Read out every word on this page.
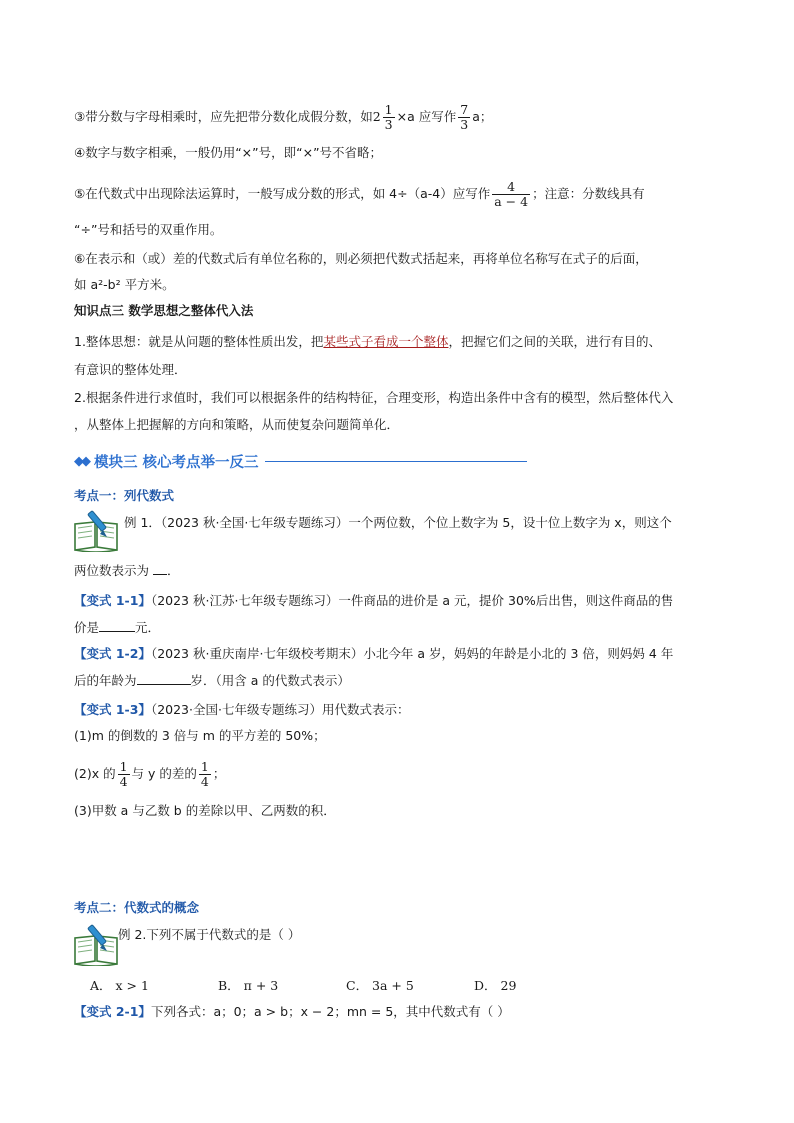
③带分数与字母相乘时，应先把带分数化成假分数，如$2 \frac{1}{3} \times a$ 应写作 $\frac{7}{3}$ a；
④数字与数字相乘，一般仍用“×”号，即“×”号不省略；
⑤在代数式中出现除法运算时，一般写成分数的形式，如 4÷（a-4）应写作 $\frac{4}{a - 4}$ ；注意：分数线具有
“÷”号和括号的双重作用。
⑥在表示和（或）差的代数式后有单位名称的，则必须把代数式括起来，再将单位名称写在式子的后面，
如 a²-b² 平方米。
知识点三 数学思想之整体代入法
1.整体思想：就是从问题的整体性质出发，把某些式子看成一个整体，把握它们之间的关联，进行有目的、
有意识的整体处理．
2.根据条件进行求值时，我们可以根据条件的结构特征，合理变形，构造出条件中含有的模型，然后整体代入
，从整体上把握解的方向和策略，从而使复杂问题简单化．
◆◆ 模块三 核心考点举一反三
考点一：列代数式
例 1．（2023 秋·全国·七年级专题练习）一个两位数，个位上数字为 5，设十位上数字为 x，则这个
两位数表示为 ．
【变式 1-1】（2023 秋·江苏·七年级专题练习）一件商品的进价是 a 元，提价 30%后出售，则这件商品的售
价是	元．
【变式 1-2】（2023 秋·重庆南岸·七年级校考期末）小北今年 a 岁，妈妈的年龄是小北的 3 倍，则妈妈 4 年
后的年龄为	岁．（用含 a 的代数式表示）
【变式 1-3】（2023·全国·七年级专题练习）用代数式表示：
(1)m 的倒数的 3 倍与 m 的平方差的 50%；
(2)x 的 $\frac{1}{4}$ 与 y 的差的 $\frac{1}{4}$ ；
(3)甲数 a 与乙数 b 的差除以甲、乙两数的积．
考点二：代数式的概念
例 2.下列不属于代数式的是（ ）
A． x > 1	B． π + 3	C． 3a + 5	D． 29
【变式 2-1】下列各式：a；0；a > b；x − 2；mn = 5，其中代数式有（ ）
